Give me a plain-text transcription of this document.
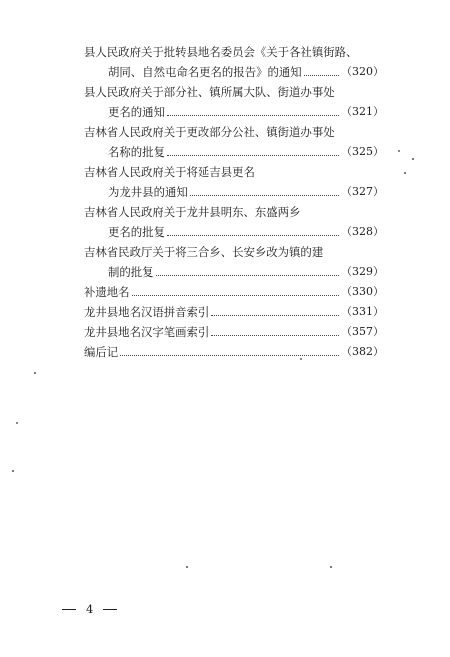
县人民政府关于批转县地名委员会《关于各社镇街路、
胡同、自然屯命名更名的报告》的通知	（320）
县人民政府关于部分社、镇所属大队、街道办事处
更名的通知	（321）
吉林省人民政府关于更改部分公社、镇街道办事处
名称的批复	（325）
吉林省人民政府关于将延吉县更名
为龙井县的通知	（327）
吉林省人民政府关于龙井县明东、东盛两乡
更名的批复	（328）
吉林省民政厅关于将三合乡、长安乡改为镇的建
制的批复	（329）
补遗地名	（330）
龙井县地名汉语拼音索引	（331）
龙井县地名汉字笔画索引	（357）
编后记	（382）
4
